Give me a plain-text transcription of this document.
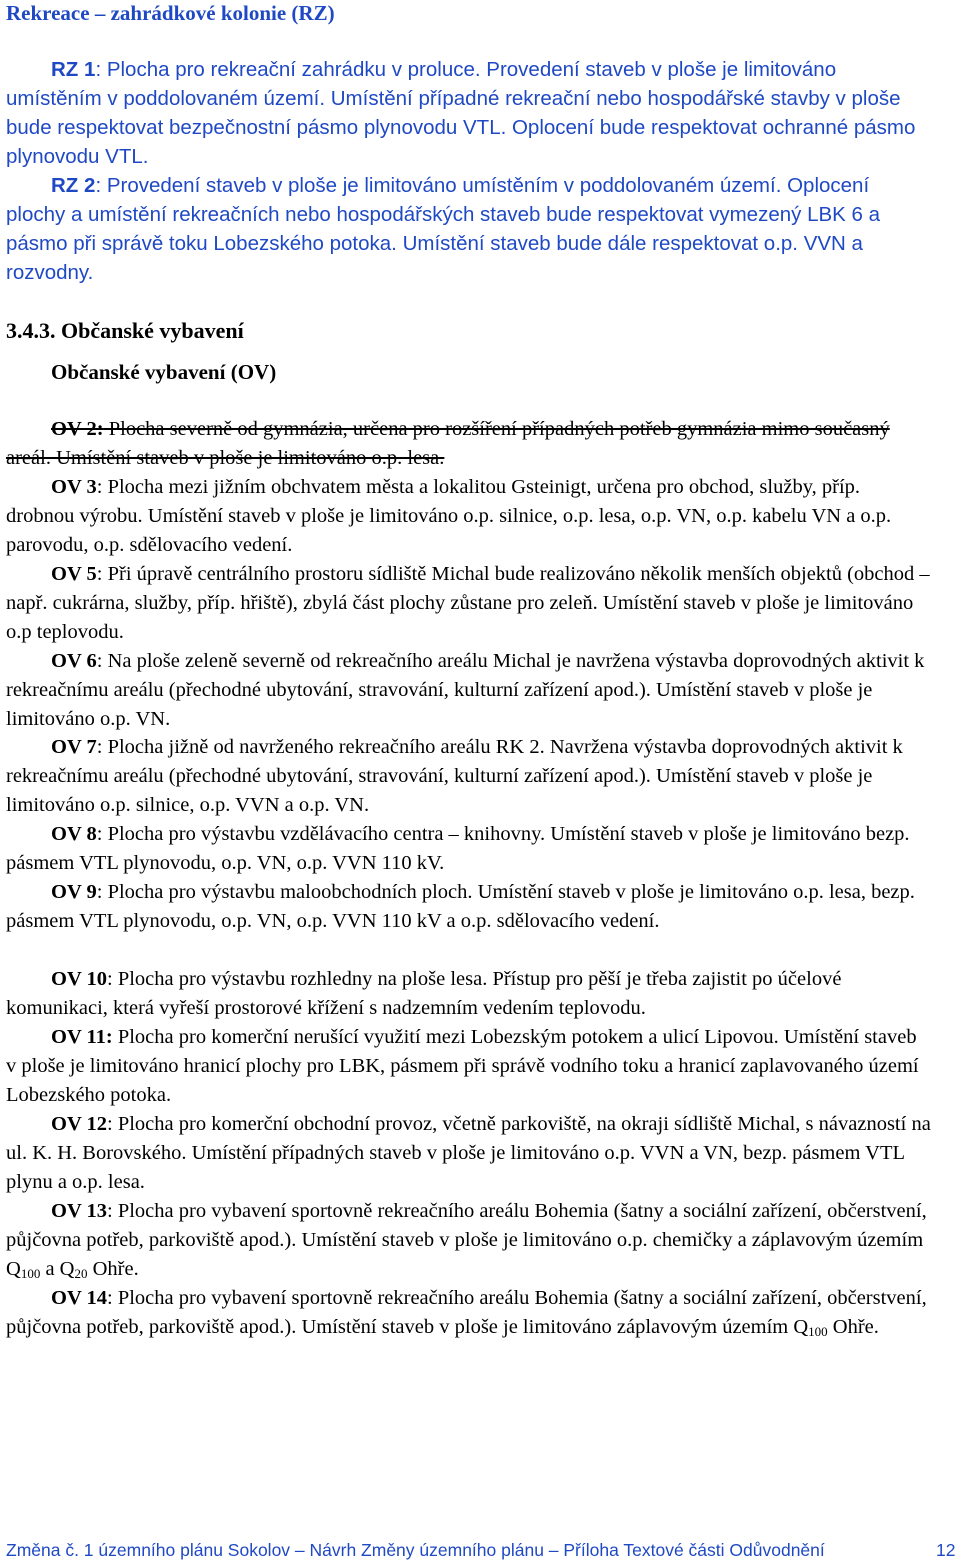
Rekreace – zahrádkové kolonie (RZ)

RZ 1: Plocha pro rekreační zahrádku v proluce. Provedení staveb v ploše je limitováno umístěním v poddolovaném území. Umístění případné rekreační nebo hospodářské stavby v ploše bude respektovat bezpečnostní pásmo plynovodu VTL. Oplocení bude respektovat ochranné pásmo plynovodu VTL.

RZ 2: Provedení staveb v ploše je limitováno umístěním v poddolovaném území. Oplocení plochy a umístění rekreačních nebo hospodářských staveb bude respektovat vymezený LBK 6 a pásmo při správě toku Lobezského potoka. Umístění staveb bude dále respektovat o.p. VVN a rozvodny.

3.4.3. Občanské vybavení

Občanské vybavení (OV)

OV 2: Plocha severně od gymnázia, určena pro rozšíření případných potřeb gymnázia mimo současný areál. Umístění staveb v ploše je limitováno o.p. lesa.

OV 3: Plocha mezi jižním obchvatem města a lokalitou Gsteinigt, určena pro obchod, služby, příp. drobnou výrobu. Umístění staveb v ploše je limitováno o.p. silnice, o.p. lesa, o.p. VN, o.p. kabelu VN a o.p. parovodu, o.p. sdělovacího vedení.

OV 5: Při úpravě centrálního prostoru sídliště Michal bude realizováno několik menších objektů (obchod – např. cukrárna, služby, příp. hřiště), zbylá část plochy zůstane pro zeleň. Umístění staveb v ploše je limitováno o.p teplovodu.

OV 6: Na ploše zeleně severně od rekreačního areálu Michal je navržena výstavba doprovodných aktivit k rekreačnímu areálu (přechodné ubytování, stravování, kulturní zařízení apod.). Umístění staveb v ploše je limitováno o.p. VN.

OV 7: Plocha jižně od navrženého rekreačního areálu RK 2. Navržena výstavba doprovodných aktivit k rekreačnímu areálu (přechodné ubytování, stravování, kulturní zařízení apod.). Umístění staveb v ploše je limitováno o.p. silnice, o.p. VVN a o.p. VN.

OV 8: Plocha pro výstavbu vzdělávacího centra – knihovny. Umístění staveb v ploše je limitováno bezp. pásmem VTL plynovodu, o.p. VN, o.p. VVN 110 kV.

OV 9: Plocha pro výstavbu maloobchodních ploch. Umístění staveb v ploše je limitováno o.p. lesa, bezp. pásmem VTL plynovodu, o.p. VN, o.p. VVN 110 kV a o.p. sdělovacího vedení.

OV 10: Plocha pro výstavbu rozhledny na ploše lesa. Přístup pro pěší je třeba zajistit po účelové komunikaci, která vyřeší prostorové křížení s nadzemním vedením teplovodu.

OV 11: Plocha pro komerční nerušící využití mezi Lobezským potokem a ulicí Lipovou. Umístění staveb v ploše je limitováno hranicí plochy pro LBK, pásmem při správě vodního toku a hranicí zaplavovaného území Lobezského potoka.

OV 12: Plocha pro komerční obchodní provoz, včetně parkoviště, na okraji sídliště Michal, s návazností na ul. K. H. Borovského. Umístění případných staveb v ploše je limitováno o.p. VVN a VN, bezp. pásmem VTL plynu a o.p. lesa.

OV 13: Plocha pro vybavení sportovně rekreačního areálu Bohemia (šatny a sociální zařízení, občerstvení, půjčovna potřeb, parkoviště apod.). Umístění staveb v ploše je limitováno o.p. chemičky a záplavovým územím $Q_{100}$ a $Q_{20}$ Ohře.

OV 14: Plocha pro vybavení sportovně rekreačního areálu Bohemia (šatny a sociální zařízení, občerstvení, půjčovna potřeb, parkoviště apod.). Umístění staveb v ploše je limitováno záplavovým územím $Q_{100}$ Ohře.

Změna č. 1 územního plánu Sokolov – Návrh Změny územního plánu – Příloha Textové části Odůvodnění	12
